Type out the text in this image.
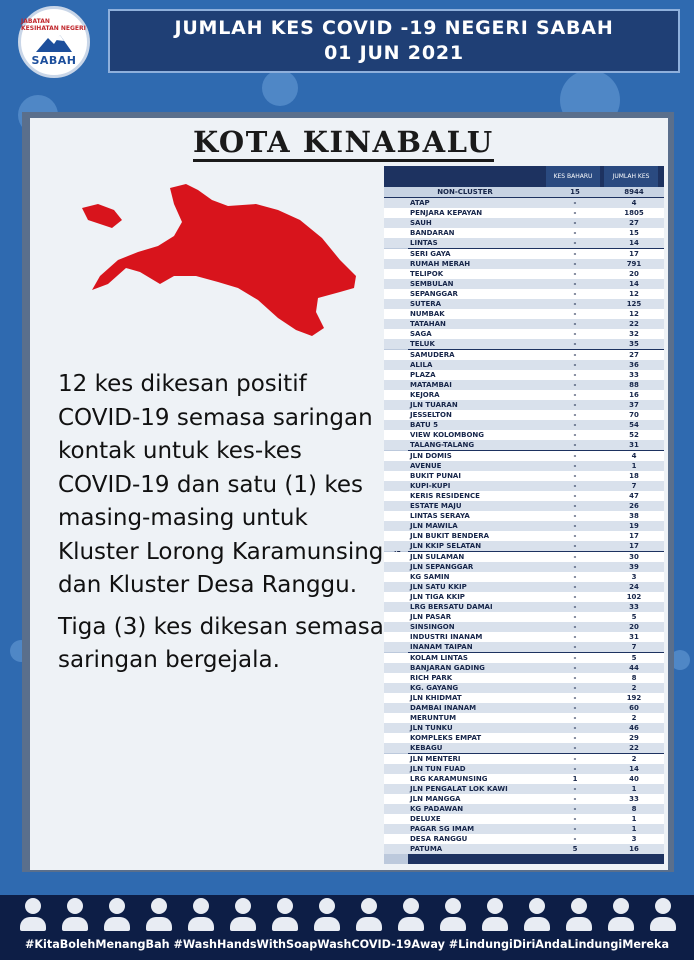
JABATAN KESIHATAN NEGERI
SABAH
JUMLAH KES COVID -19 NEGERI SABAH
01 JUN 2021
KOTA KINABALU

12 kes dikesan positif COVID-19 semasa saringan kontak untuk kes-kes COVID-19 dan satu (1) kes masing-masing untuk Kluster Lorong Karamunsing dan Kluster Desa Ranggu.

Tiga (3) kes dikesan semasa saringan bergejala.

KES BAHARU	JUMLAH KES
NON-CLUSTER	15	8944
ATAP	-	4
PENJARA KEPAYAN	-	1805
SAUH	-	27
BANDARAN	-	15
LINTAS	-	14
SERI GAYA	-	17
RUMAH MERAH	-	791
TELIPOK	-	20
SEMBULAN	-	14
SEPANGGAR	-	12
SUTERA	-	125
NUMBAK	-	12
TATAHAN	-	22
SAGA	-	32
TELUK	-	35
SAMUDERA	-	27
ALILA	-	36
PLAZA	-	33
MATAMBAI	-	88
KEJORA	-	16
JLN TUARAN	-	37
JESSELTON	-	70
BATU 5	-	54
VIEW KOLOMBONG	-	52
TALANG-TALANG	-	31
JLN DOMIS	-	4
AVENUE	-	1
BUKIT PUNAI	-	18
KUPI-KUPI	-	7
KERIS RESIDENCE	-	47
ESTATE MAJU	-	26
LINTAS SERAYA	-	38
JLN MAWILA	-	19
JLN BUKIT BENDERA	-	17
JLN KKIP SELATAN	-	17
JLN SULAMAN	-	30
JLN SEPANGGAR	-	39
KG SAMIN	-	3
JLN SATU KKIP	-	24
JLN TIGA KKIP	-	102
LRG BERSATU DAMAI	-	33
JLN PASAR	-	5
SINSINGON	-	20
INDUSTRI INANAM	-	31
INANAM TAIPAN	-	7
KOLAM LINTAS	-	5
BANJARAN GADING	-	44
RICH PARK	-	8
KG. GAYANG	-	2
JLN KHIDMAT	-	192
DAMBAI INANAM	-	60
MERUNTUM	-	2
JLN TUNKU	-	46
KOMPLEKS EMPAT	-	29
KEBAGU	-	22
JLN MENTERI	-	2
JLN TUN FUAD	-	14
LRG KARAMUNSING	1	40
JLN PENGALAT LOK KAWI	-	1
JLN MANGGA	-	33
KG PADAWAN	-	8
DELUXE	-	1
PAGAR SG IMAM	-	1
DESA RANGGU	-	3
PATUMA	5	16
#KitaBolehMenangBah #WashHandsWithSoapWashCOVID-19Away #LindungiDiriAndaLindungiMereka
